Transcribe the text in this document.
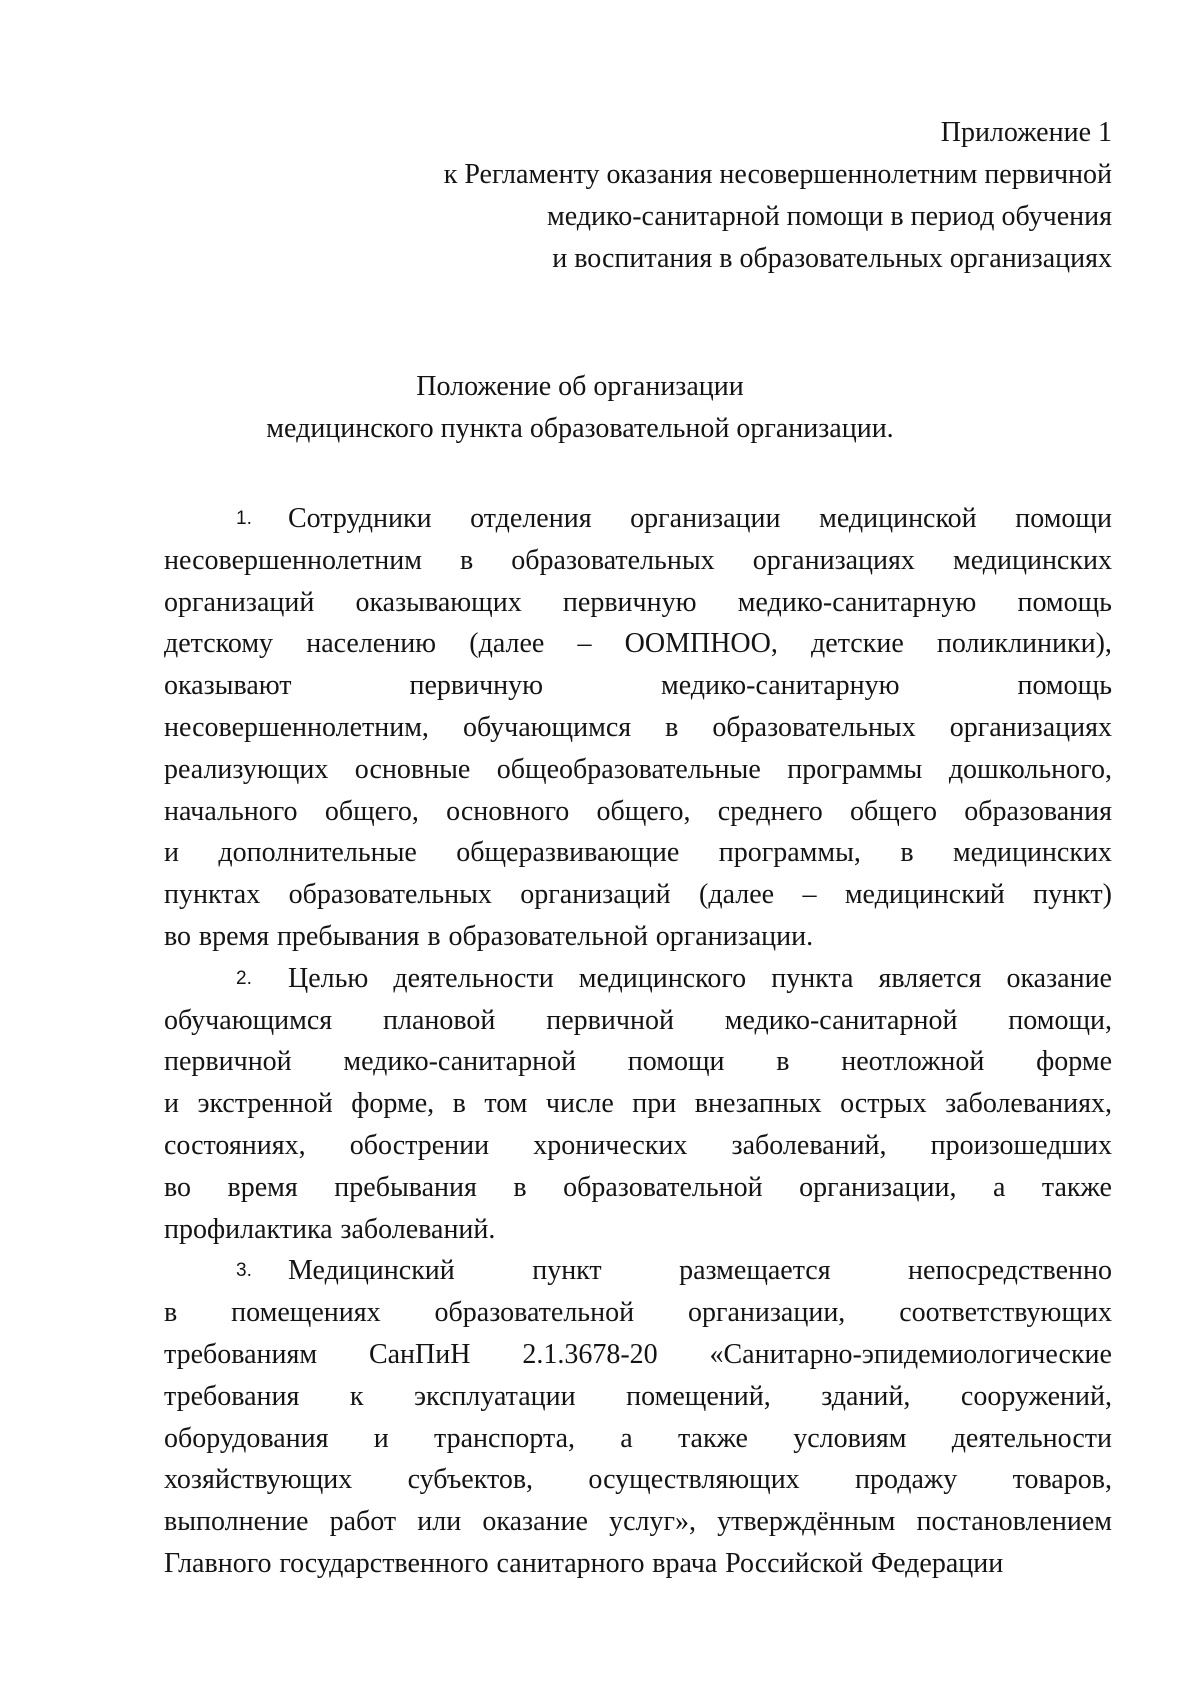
Приложение 1
к Регламенту оказания несовершеннолетним первичной
медико-санитарной помощи в период обучения
и воспитания в образовательных организациях
Положение об организации
медицинского пункта образовательной организации.
1.	Сотрудники отделения организации медицинской помощи
несовершеннолетним в образовательных организациях медицинских
организаций оказывающих первичную медико-санитарную помощь
детскому населению (далее – ООМПНОО, детские поликлиники),
оказывают	первичную	медико-санитарную	помощь
несовершеннолетним, обучающимся в образовательных организациях
реализующих основные общеобразовательные программы дошкольного,
начального общего, основного общего, среднего общего образования
и дополнительные общеразвивающие программы, в медицинских
пунктах образовательных организаций (далее – медицинский пункт)
во время пребывания в образовательной организации.
2.	Целью деятельности медицинского пункта является оказание
обучающимся плановой первичной медико-санитарной помощи,
первичной медико-санитарной помощи в неотложной форме
и экстренной форме, в том числе при внезапных острых заболеваниях,
состояниях, обострении хронических заболеваний, произошедших
во время пребывания в образовательной организации, а также
профилактика заболеваний.
3.	Медицинский	пункт	размещается	непосредственно
в помещениях образовательной организации, соответствующих
требованиям СанПиН 2.1.3678-20 «Санитарно-эпидемиологические
требования к эксплуатации помещений, зданий, сооружений,
оборудования и транспорта, а также условиям деятельности
хозяйствующих субъектов, осуществляющих продажу товаров,
выполнение работ или оказание услуг», утверждённым постановлением
Главного государственного санитарного врача Российской Федерации
